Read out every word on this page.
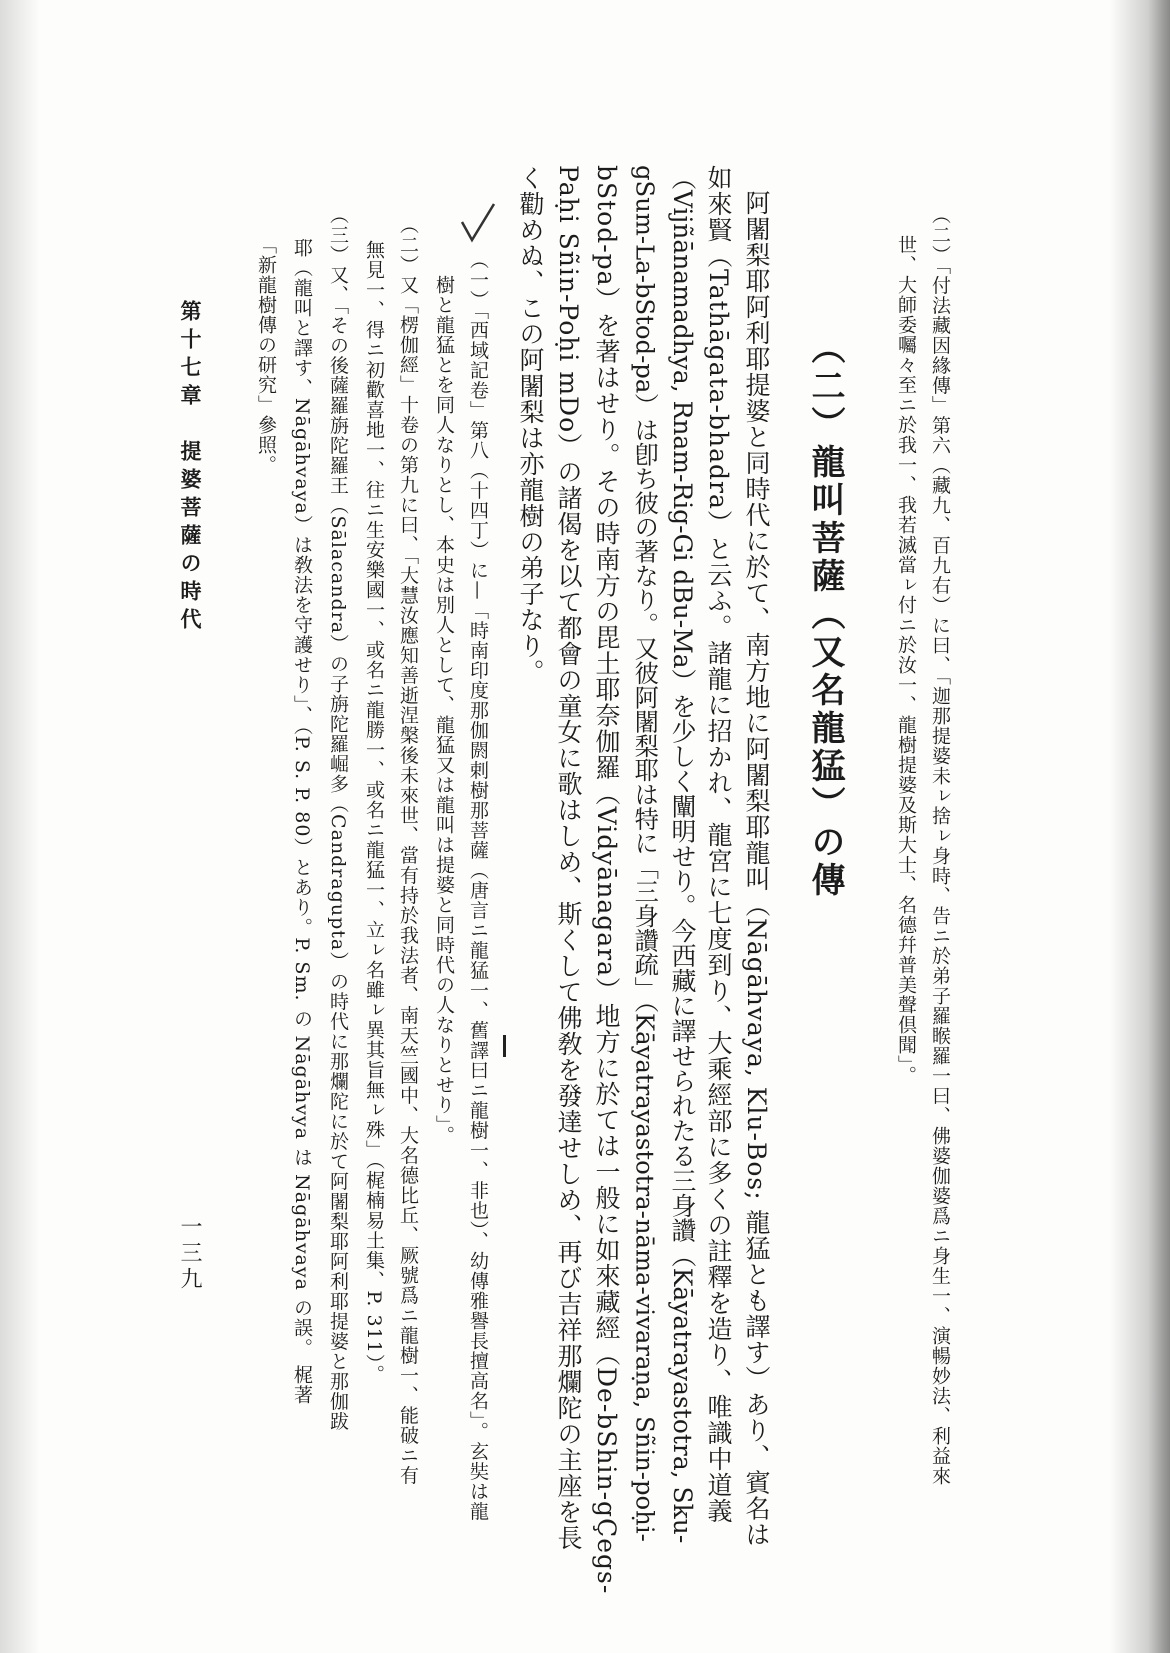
（二）「付法藏因緣傳」第六（藏九、百九右）に曰、「迦那提婆未ㇾ捨ㇾ身時、告ニ於弟子羅睺羅一曰、佛婆伽婆爲ニ身生一、演暢妙法、利益來
世、大師委囑々至ニ於我一、我若滅當ㇾ付ニ於汝一、龍樹提婆及斯大士、名德幷普美聲倶聞」。
（二）龍叫菩薩（又名龍猛）の傳
阿闍梨耶阿利耶提婆と同時代に於て、南方地に阿闍梨耶龍叫（Nāgāhvaya, Klu-Bos; 龍猛とも譯す）あり、賓名は
如來賢（Tathāgata-bhadra）と云ふ。諸龍に招かれ、龍宮に七度到り、大乘經部に多くの註釋を造り、唯識中道義
（Vijñānamadhya, Rnam-Rig-Gi dBu-Ma）を少しく闡明せり。今西藏に譯せられたる三身讚（Kāyatrayastotra, Sku-
gSum-La-bStod-pa）は卽ち彼の著なり。又彼阿闍梨耶は特に「三身讚疏」（Kāyatrayastotra-nāma-vivaraṇa, Sñin-poḥi-
bStod-pa）を著はせり。その時南方の毘土耶奈伽羅（Vidyānagara）地方に於ては一般に如來藏經（De-bShin-gÇegs-
Paḥi Sñin-Poḥi mDo）の諸偈を以て都會の童女に歌はしめ、斯くして佛敎を發達せしめ、再び吉祥那爛陀の主座を長
く勸めぬ、この阿闍梨は亦龍樹の弟子なり。
（一）「西域記卷」第八（十四丁）に—「時南印度那伽閼剌樹那菩薩（唐言ニ龍猛一、舊譯曰ニ龍樹一、非也）、幼傳雅譽長擅高名」。玄奘は龍
樹と龍猛とを同人なりとし、本史は別人として、龍猛又は龍叫は提婆と同時代の人なりとせり」。
（二）又「楞伽經」十卷の第九に曰、「大慧汝應知善逝涅槃後未來世、當有持於我法者、南天竺國中、大名德比丘、厥號爲ニ龍樹一、能破ニ有
無見一、得ニ初歡喜地一、往ニ生安樂國一、或名ニ龍勝一、或名ニ龍猛一、立ㇾ名雖ㇾ異其旨無ㇾ殊」（梶楠易土集、P. 311）。
（三）又、「その後薩羅旃陀羅王（Sālacandra）の子旃陀羅崛多（Candragupta）の時代に那爛陀に於て阿闍梨耶阿利耶提婆と那伽跋
耶（龍叫と譯す、Nāgāhvaya）は敎法を守護せり」、（P. S. P. 80）とあり。P. Sm. の Nāgāhvya は Nāgāhvaya の誤。 梶著
「新龍樹傳の研究」參照。
第十七章　提婆菩薩の時代
一三九
